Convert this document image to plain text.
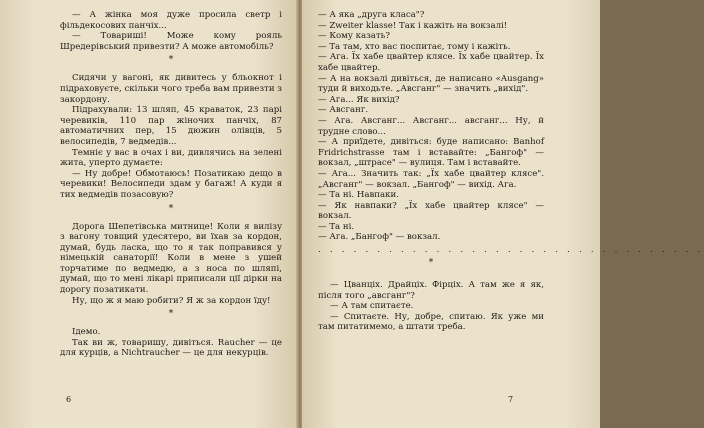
— А жінка моя дуже просила светр і фільдекосових панчіх...

— Товариші! Може кому рояль Шредерівський привезти? А може автомобіль?

*

Сидячи у вагоні, як дивитесь у бльокнот і підраховуєте, скільки чого треба вам привезти з закордону.

Підрахували: 13 шляп, 45 краваток, 23 парі черевиків, 110 пар жіночих панчіх, 87 автоматичних пер, 15 дюжин олівців, 5 велосипедів, 7 ведмедів...

Темніє у вас в очах і ви, дивлячись на зелені жита, уперто думаєте:

— Ну добре! Обмотаюсь! Позатикаю дещо в черевики! Велосипеди здам у багаж! А куди я тих ведмедів позасовую?

*

Дорога Шепетівська митнице! Коли я вилізу з вагону товщий удесятеро, ви їхав за кордон, думай, будь ласка, що то я так поправився у німецькій санаторії! Коли в мене з ушей торчатиме по ведмедю, а з носа по шляпі, думай, що то мені лікарі приписали ції дірки на дорогу позатикати.

Ну, що ж я маю робити? Я ж за кордон їду!

*

Ідемо.

Так ви ж, товаришу, дивіться. Raucher — це для курців, а Nichtraucher — це для некурців.

6

— А яка „друга класа"?

— Zweiter klasse! Так і кажіть на вокзалі!

— Кому казать?

— Та там, хто вас поспитає, тому і кажіть.

— Ага. Їх хабе цвайтер клясе. Їх хабе цвайтер. Їх хабе цвайтер.

— А на вокзалі дивіться, де написано «Ausgang» туди й виходьте. „Авсганг" — значить „вихід".

— Ага... Як вихід?

— Авсганг.

— Ага. Авсганг... Авсганг... авсганг... Ну, й трудне слово...

— А приїдете, дивіться: буде написано: Banhof Fridrichstrasse там і вставайте: „Бангоф" — вокзал, „штрасе" — вулиця. Там і вставайте.

— Ага... Значить так: „Їх хабе цвайтер клясе". „Авсганг" — вокзал. „Бангоф" — вихід. Ага.

— Та ні. Навпаки.

— Як навпаки? „Їх хабе цвайтер клясе" — вокзал.

— Та ні.

— Ага. „Бангоф" — вокзал.

. . . . . . . . . . . . . . . . . . . . . . . . . . . . . . . . .
*

— Цванціх. Драйціх. Фірціх. А там же я як, після того „авсганг"?

— А там спитаєте.

— Спитаєте. Ну, добре, спитаю. Як уже ми там питатимемо, а штати треба.

7
